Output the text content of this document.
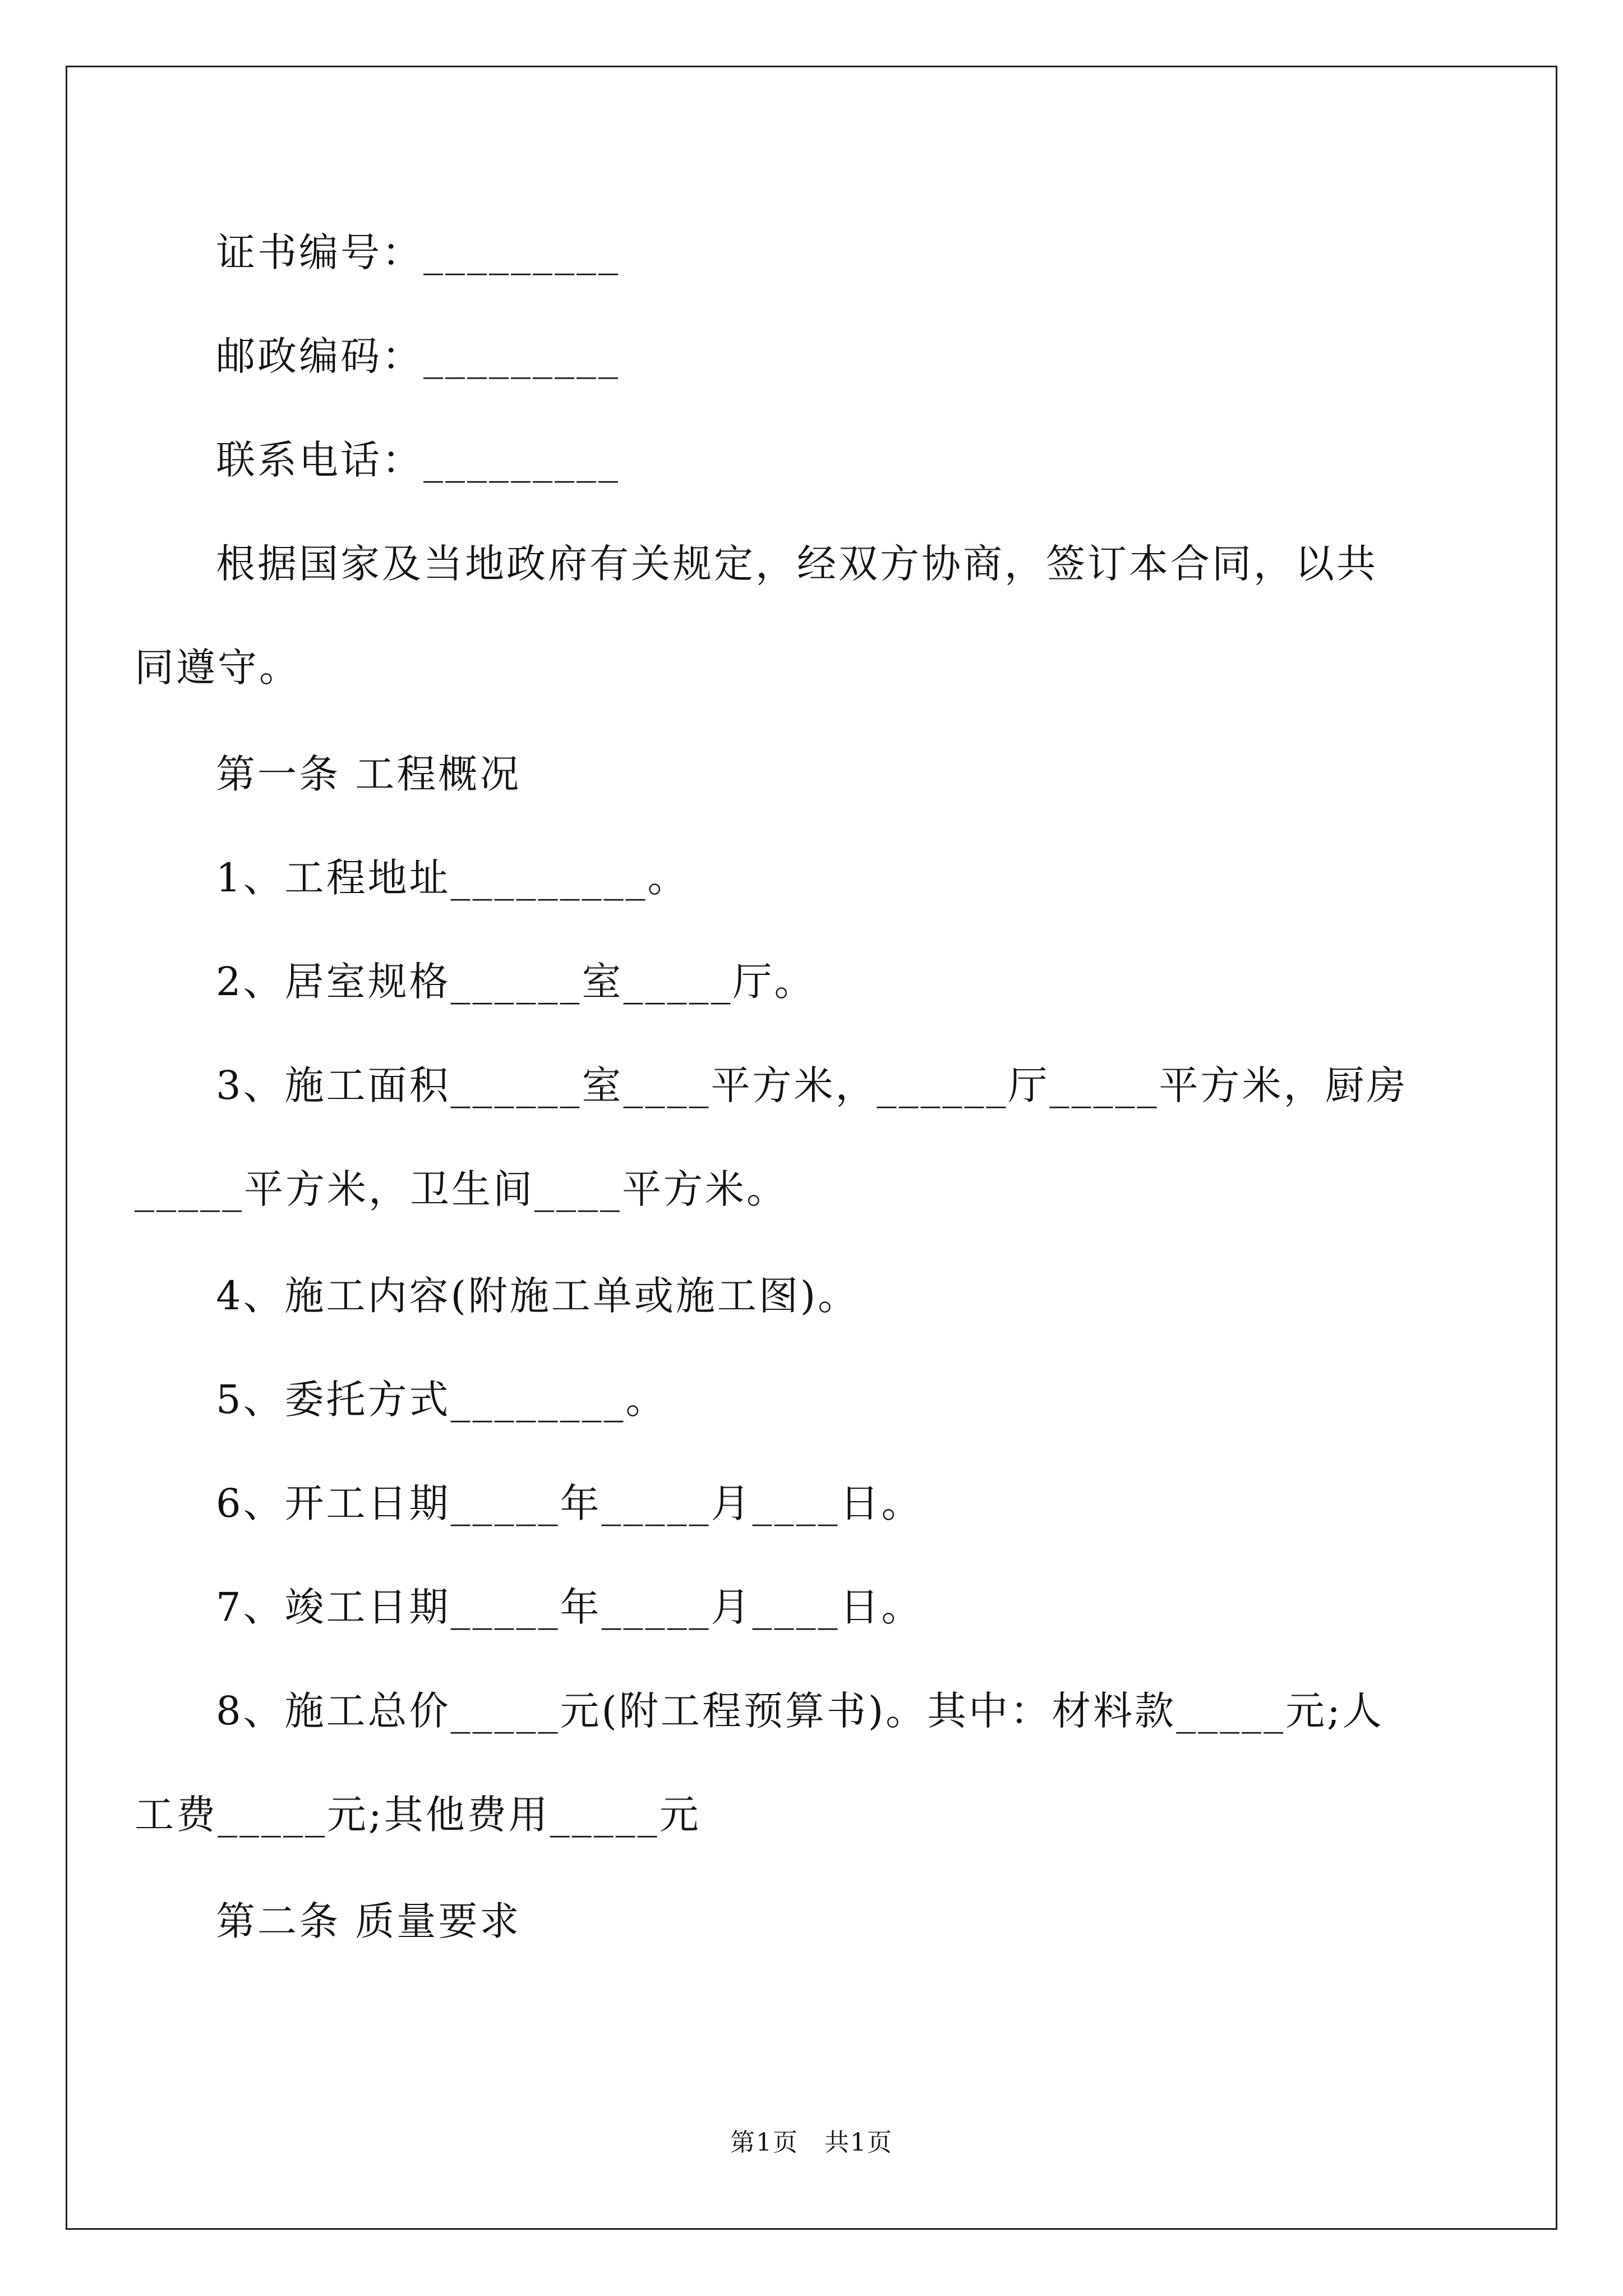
证书编号：_________
邮政编码：_________
联系电话：_________
根据国家及当地政府有关规定，经双方协商，签订本合同，以共
同遵守。
第一条 工程概况
1、工程地址_________。
2、居室规格______室_____厅。
3、施工面积______室____平方米，______厅_____平方米，厨房
_____平方米，卫生间____平方米。
4、施工内容(附施工单或施工图)。
5、委托方式________。
6、开工日期_____年_____月____日。
7、竣工日期_____年_____月____日。
8、施工总价_____元(附工程预算书)。其中：材料款_____元;人
工费_____元;其他费用_____元
第二条 质量要求
第1页　共1页
